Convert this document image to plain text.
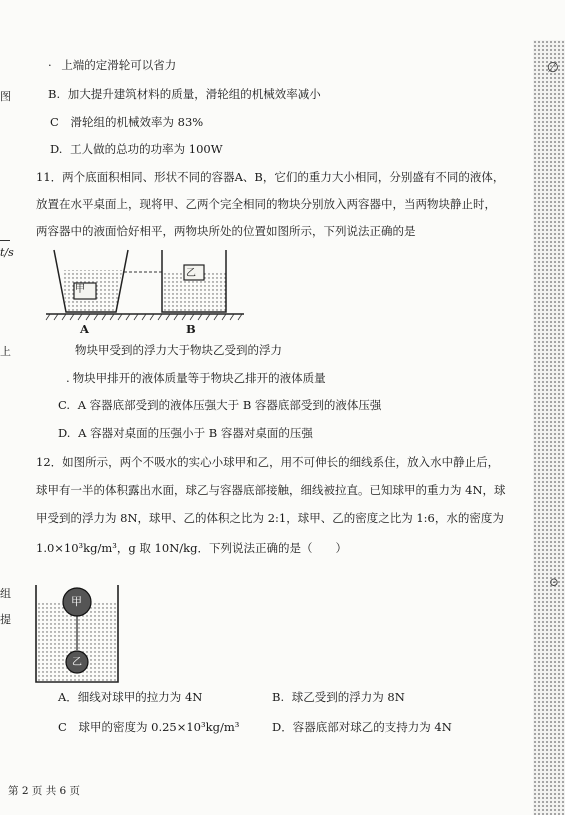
∅
⊙
图
t/s
上
组
提
· 上端的定滑轮可以省力
B. 加大提升建筑材料的质量，滑轮组的机械效率减小
C 滑轮组的机械效率为 83%
D. 工人做的总功的功率为 100W
11．两个底面积相同、形状不同的容器A、B，它们的重力大小相同，分别盛有不同的液体，
放置在水平桌面上，现将甲、乙两个完全相同的物块分别放入两容器中，当两物块静止时，
两容器中的液面恰好相平，两物块所处的位置如图所示，下列说法正确的是
甲
乙
A	B
物块甲受到的浮力大于物块乙受到的浮力
. 物块甲排开的液体质量等于物块乙排开的液体质量
C. A 容器底部受到的液体压强大于 B 容器底部受到的液体压强
D. A 容器对桌面的压强小于 B 容器对桌面的压强
12．如图所示，两个不吸水的实心小球甲和乙，用不可伸长的细线系住，放入水中静止后，
球甲有一半的体积露出水面，球乙与容器底部接触，细线被拉直。已知球甲的重力为 4N，球
甲受到的浮力为 8N，球甲、乙的体积之比为 2:1，球甲、乙的密度之比为 1:6，水的密度为
1.0×10³kg/m³，g 取 10N/kg．下列说法正确的是（　　）
甲
乙
A．细线对球甲的拉力为 4N	B. 球乙受到的浮力为 8N
C 球甲的密度为 0.25×10³kg/m³	D．容器底部对球乙的支持力为 4N
第 2 页 共 6 页
